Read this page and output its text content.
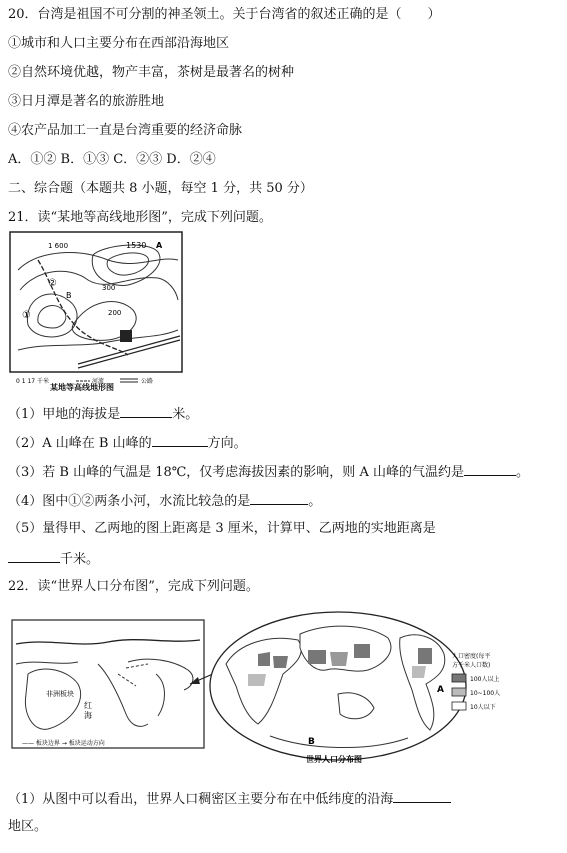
20．台湾是祖国不可分割的神圣领土。关于台湾省的叙述正确的是（　　）
①城市和人口主要分布在西部沿海地区
②自然环境优越，物产丰富，茶树是最著名的树种
③日月潭是著名的旅游胜地
④农产品加工一直是台湾重要的经济命脉
A．①② B．①③ C．②③ D．②④
二、综合题（本题共 8 小题，每空 1 分，共 50 分）
21．读“某地等高线地形图”，完成下列问题。
1 600	1530 A
B
300
200
②
①
0 1 17 千米	河流	公路
某地等高线地形图
（1）甲地的海拔是	米。
（2）A 山峰在 B 山峰的	方向。
（3）若 B 山峰的气温是 18℃，仅考虑海拔因素的影响，则 A 山峰的气温约是	。
（4）图中①②两条小河，水流比较急的是	。
（5）量得甲、乙两地的图上距离是 3 厘米，计算甲、乙两地的实地距离是
千米。
22．读“世界人口分布图”，完成下列问题。
非洲板块
红
海
—— 板块边界 → 板块运动方向
A
B
世界人口分布图
人口密度(每平
方千米人口数)
100人以上
10~100人
10人以下
（1）从图中可以看出，世界人口稠密区主要分布在中低纬度的沿海
地区。
